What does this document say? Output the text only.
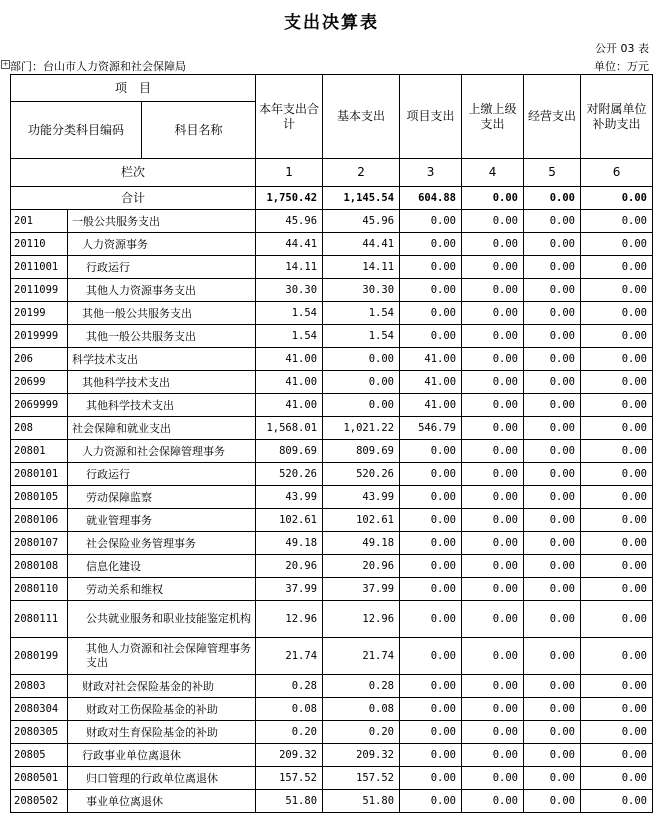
支出决算表
公开 03 表
+ 部门：台山市人力资源和社会保障局	单位：万元
项　目		本年支出合计	基本支出	项目支出	上缴上级支出	经营支出	对附属单位补助支出

功能分类科目编码 科目名称							

栏次		1	2	3	4	5	6
合计		1,750.42	1,145.54	604.88	0.00	0.00	0.00
201	一般公共服务支出	45.96	45.96	0.00	0.00	0.00	0.00
20110	人力资源事务	44.41	44.41	0.00	0.00	0.00	0.00
2011001	行政运行	14.11	14.11	0.00	0.00	0.00	0.00
2011099	其他人力资源事务支出	30.30	30.30	0.00	0.00	0.00	0.00
20199	其他一般公共服务支出	1.54	1.54	0.00	0.00	0.00	0.00
2019999	其他一般公共服务支出	1.54	1.54	0.00	0.00	0.00	0.00
206	科学技术支出	41.00	0.00	41.00	0.00	0.00	0.00
20699	其他科学技术支出	41.00	0.00	41.00	0.00	0.00	0.00
2069999	其他科学技术支出	41.00	0.00	41.00	0.00	0.00	0.00
208	社会保障和就业支出	1,568.01	1,021.22	546.79	0.00	0.00	0.00
20801	人力资源和社会保障管理事务	809.69	809.69	0.00	0.00	0.00	0.00
2080101	行政运行	520.26	520.26	0.00	0.00	0.00	0.00
2080105	劳动保障监察	43.99	43.99	0.00	0.00	0.00	0.00
2080106	就业管理事务	102.61	102.61	0.00	0.00	0.00	0.00
2080107	社会保险业务管理事务	49.18	49.18	0.00	0.00	0.00	0.00
2080108	信息化建设	20.96	20.96	0.00	0.00	0.00	0.00
2080110	劳动关系和维权	37.99	37.99	0.00	0.00	0.00	0.00
2080111	公共就业服务和职业技能鉴定机构	12.96	12.96	0.00	0.00	0.00	0.00
2080199	其他人力资源和社会保障管理事务支出	21.74	21.74	0.00	0.00	0.00	0.00
20803	财政对社会保险基金的补助	0.28	0.28	0.00	0.00	0.00	0.00
2080304	财政对工伤保险基金的补助	0.08	0.08	0.00	0.00	0.00	0.00
2080305	财政对生育保险基金的补助	0.20	0.20	0.00	0.00	0.00	0.00
20805	行政事业单位离退休	209.32	209.32	0.00	0.00	0.00	0.00
2080501	归口管理的行政单位离退休	157.52	157.52	0.00	0.00	0.00	0.00
2080502	事业单位离退休	51.80	51.80	0.00	0.00	0.00	0.00
